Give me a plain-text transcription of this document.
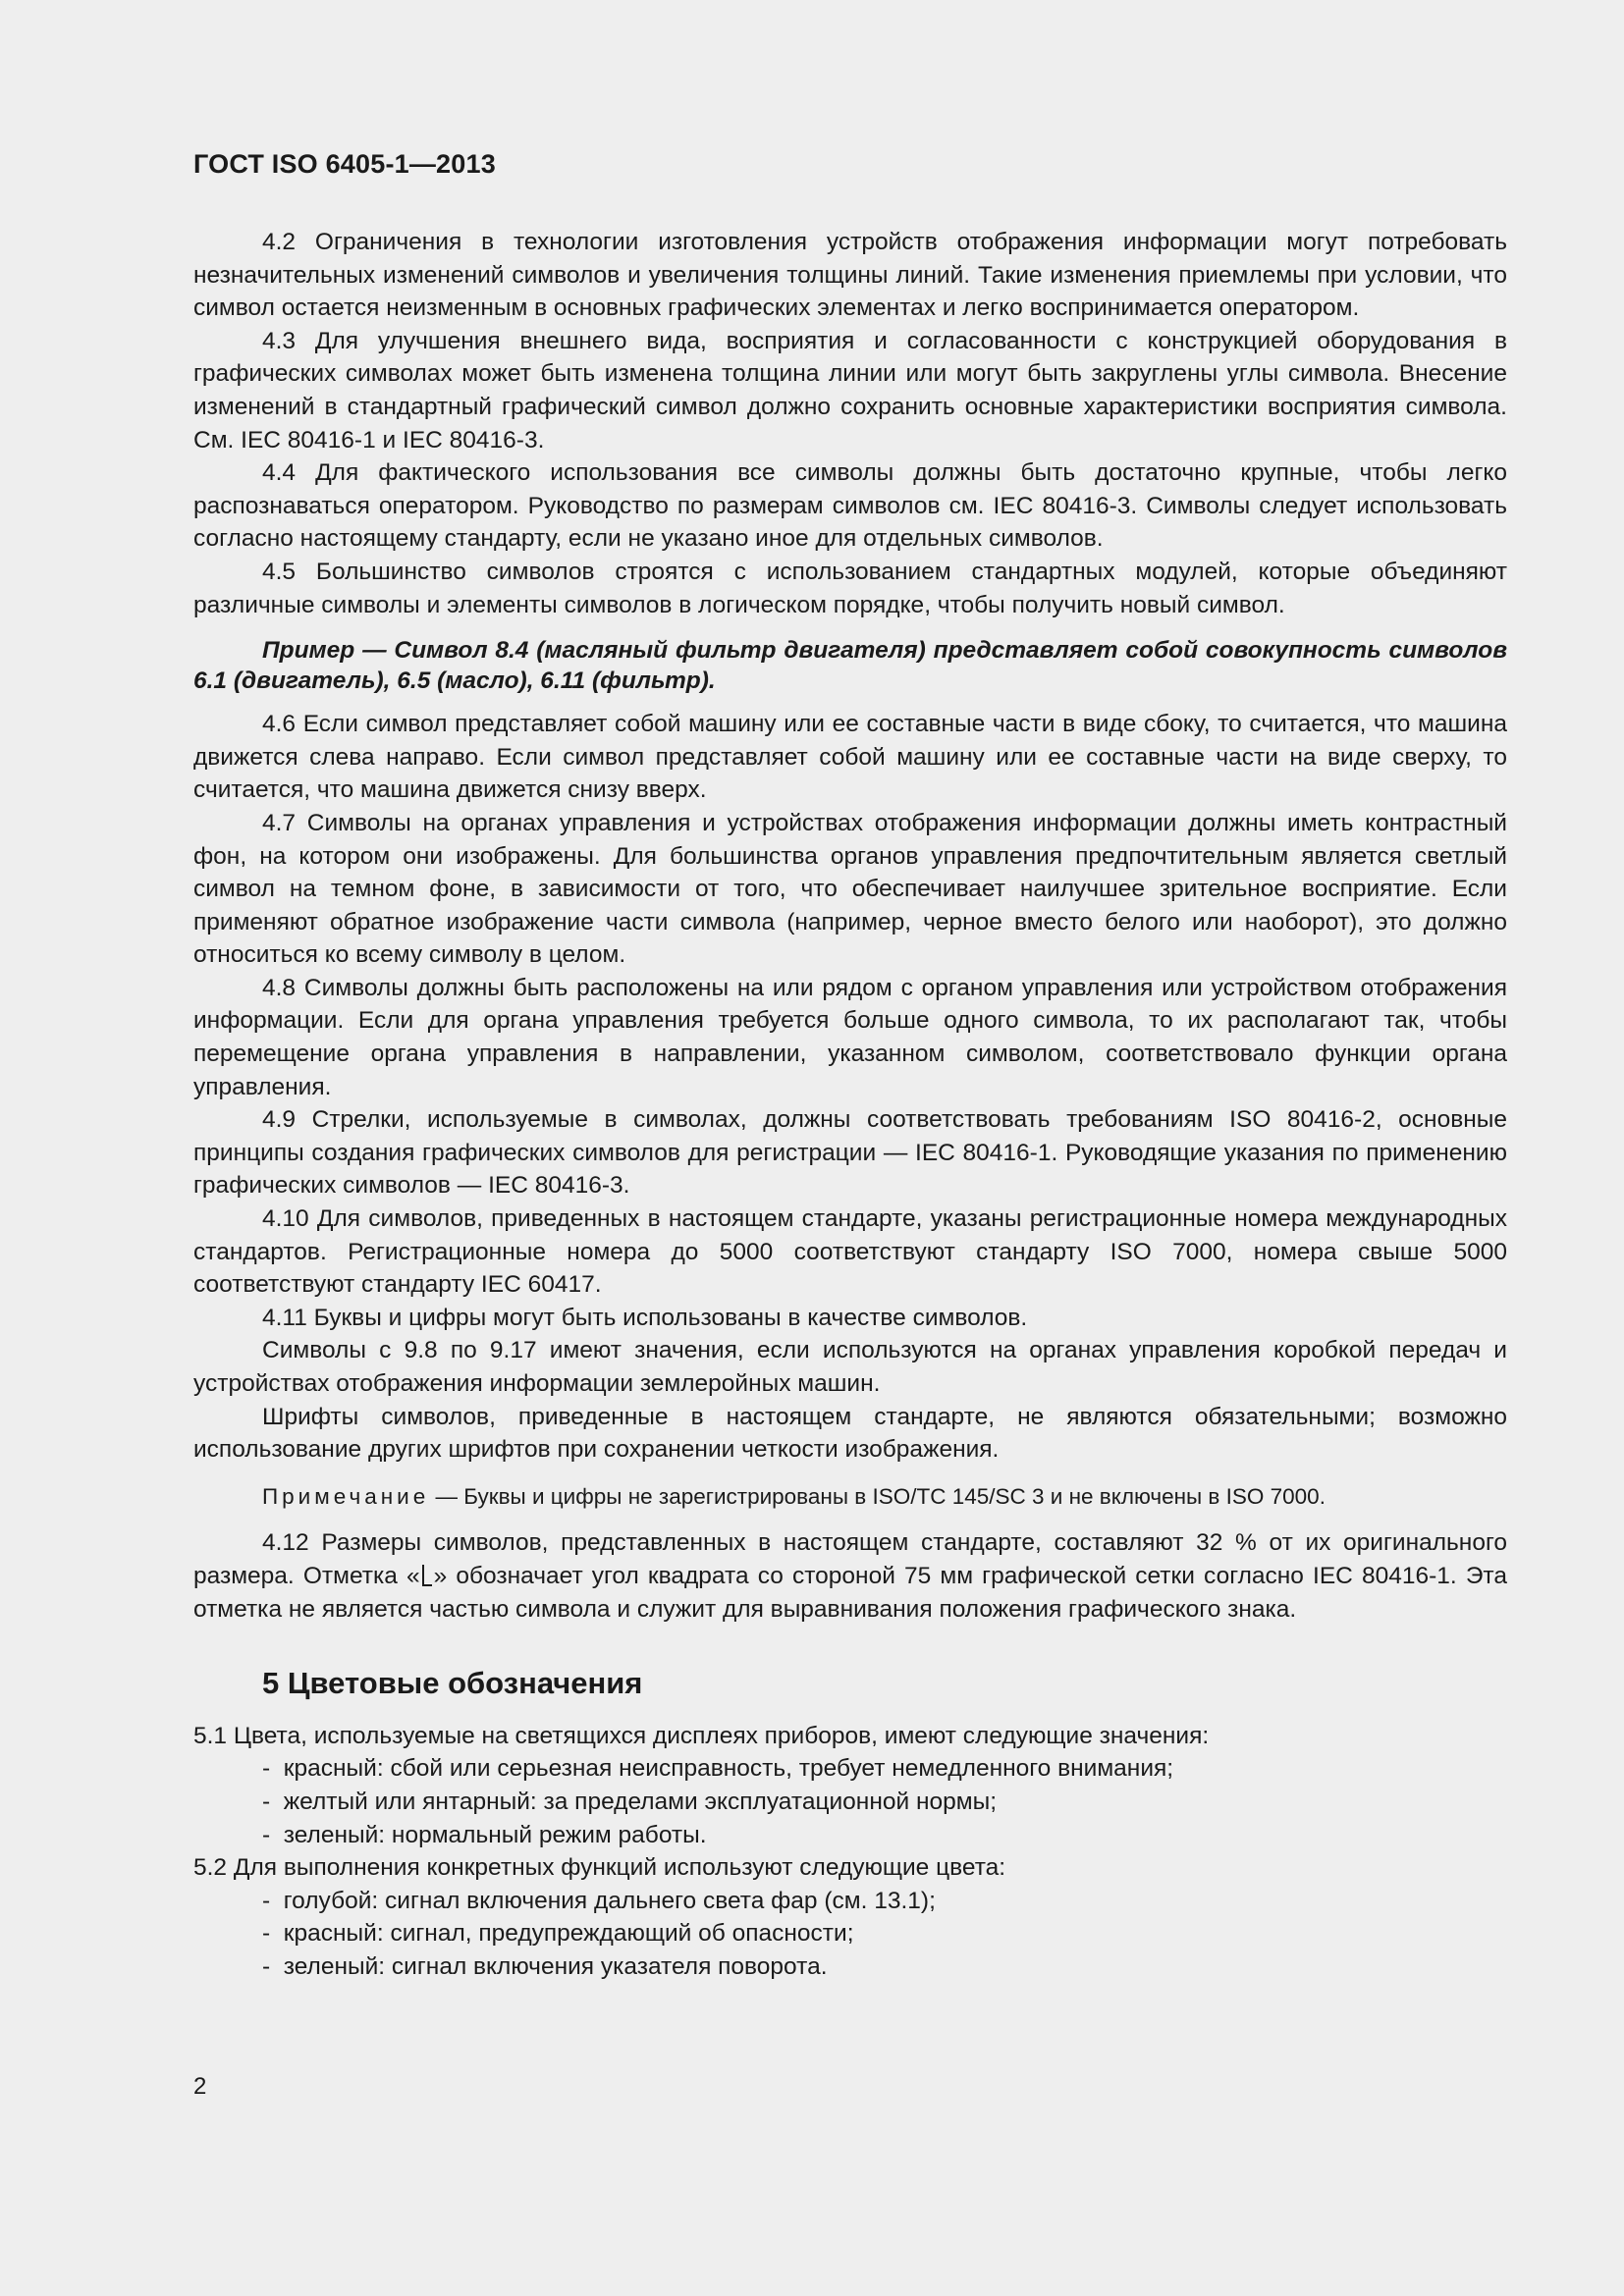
ГОСТ ISO 6405-1—2013

4.2 Ограничения в технологии изготовления устройств отображения информации могут потребовать незначительных изменений символов и увеличения толщины линий. Такие изменения приемлемы при условии, что символ остается неизменным в основных графических элементах и легко воспринимается оператором.

4.3 Для улучшения внешнего вида, восприятия и согласованности с конструкцией оборудования в графических символах может быть изменена толщина линии или могут быть закруглены углы символа. Внесение изменений в стандартный графический символ должно сохранить основные характеристики восприятия символа. См. IEC 80416-1 и IEC 80416-3.

4.4 Для фактического использования все символы должны быть достаточно крупные, чтобы легко распознаваться оператором. Руководство по размерам символов см. IEC 80416-3. Символы следует использовать согласно настоящему стандарту, если не указано иное для отдельных символов.

4.5 Большинство символов строятся с использованием стандартных модулей, которые объединяют различные символы и элементы символов в логическом порядке, чтобы получить новый символ.

Пример — Символ 8.4 (масляный фильтр двигателя) представляет собой совокупность символов 6.1 (двигатель), 6.5 (масло), 6.11 (фильтр).

4.6 Если символ представляет собой машину или ее составные части в виде сбоку, то считается, что машина движется слева направо. Если символ представляет собой машину или ее составные части на виде сверху, то считается, что машина движется снизу вверх.

4.7 Символы на органах управления и устройствах отображения информации должны иметь контрастный фон, на котором они изображены. Для большинства органов управления предпочтительным является светлый символ на темном фоне, в зависимости от того, что обеспечивает наилучшее зрительное восприятие. Если применяют обратное изображение части символа (например, черное вместо белого или наоборот), это должно относиться ко всему символу в целом.

4.8 Символы должны быть расположены на или рядом с органом управления или устройством отображения информации. Если для органа управления требуется больше одного символа, то их располагают так, чтобы перемещение органа управления в направлении, указанном символом, соответствовало функции органа управления.

4.9 Стрелки, используемые в символах, должны соответствовать требованиям ISO 80416-2, основные принципы создания графических символов для регистрации — IEC 80416-1. Руководящие указания по применению графических символов — IEC 80416-3.

4.10 Для символов, приведенных в настоящем стандарте, указаны регистрационные номера международных стандартов. Регистрационные номера до 5000 соответствуют стандарту ISO 7000, номера свыше 5000 соответствуют стандарту IEC 60417.

4.11 Буквы и цифры могут быть использованы в качестве символов.

Символы с 9.8 по 9.17 имеют значения, если используются на органах управления коробкой передач и устройствах отображения информации землеройных машин.

Шрифты символов, приведенные в настоящем стандарте, не являются обязательными; возможно использование других шрифтов при сохранении четкости изображения.

Примечание — Буквы и цифры не зарегистрированы в ISO/TC 145/SC 3 и не включены в ISO 7000.

4.12 Размеры символов, представленных в настоящем стандарте, составляют 32 % от их оригинального размера. Отметка « » обозначает угол квадрата со стороной 75 мм графической сетки согласно IEC 80416-1. Эта отметка не является частью символа и служит для выравнивания положения графического знака.

5 Цветовые обозначения

5.1 Цвета, используемые на светящихся дисплеях приборов, имеют следующие значения:

- красный: сбой или серьезная неисправность, требует немедленного внимания;
- желтый или янтарный: за пределами эксплуатационной нормы;
- зеленый: нормальный режим работы.

5.2 Для выполнения конкретных функций используют следующие цвета:

- голубой: сигнал включения дальнего света фар (см. 13.1);
- красный: сигнал, предупреждающий об опасности;
- зеленый: сигнал включения указателя поворота.
2
